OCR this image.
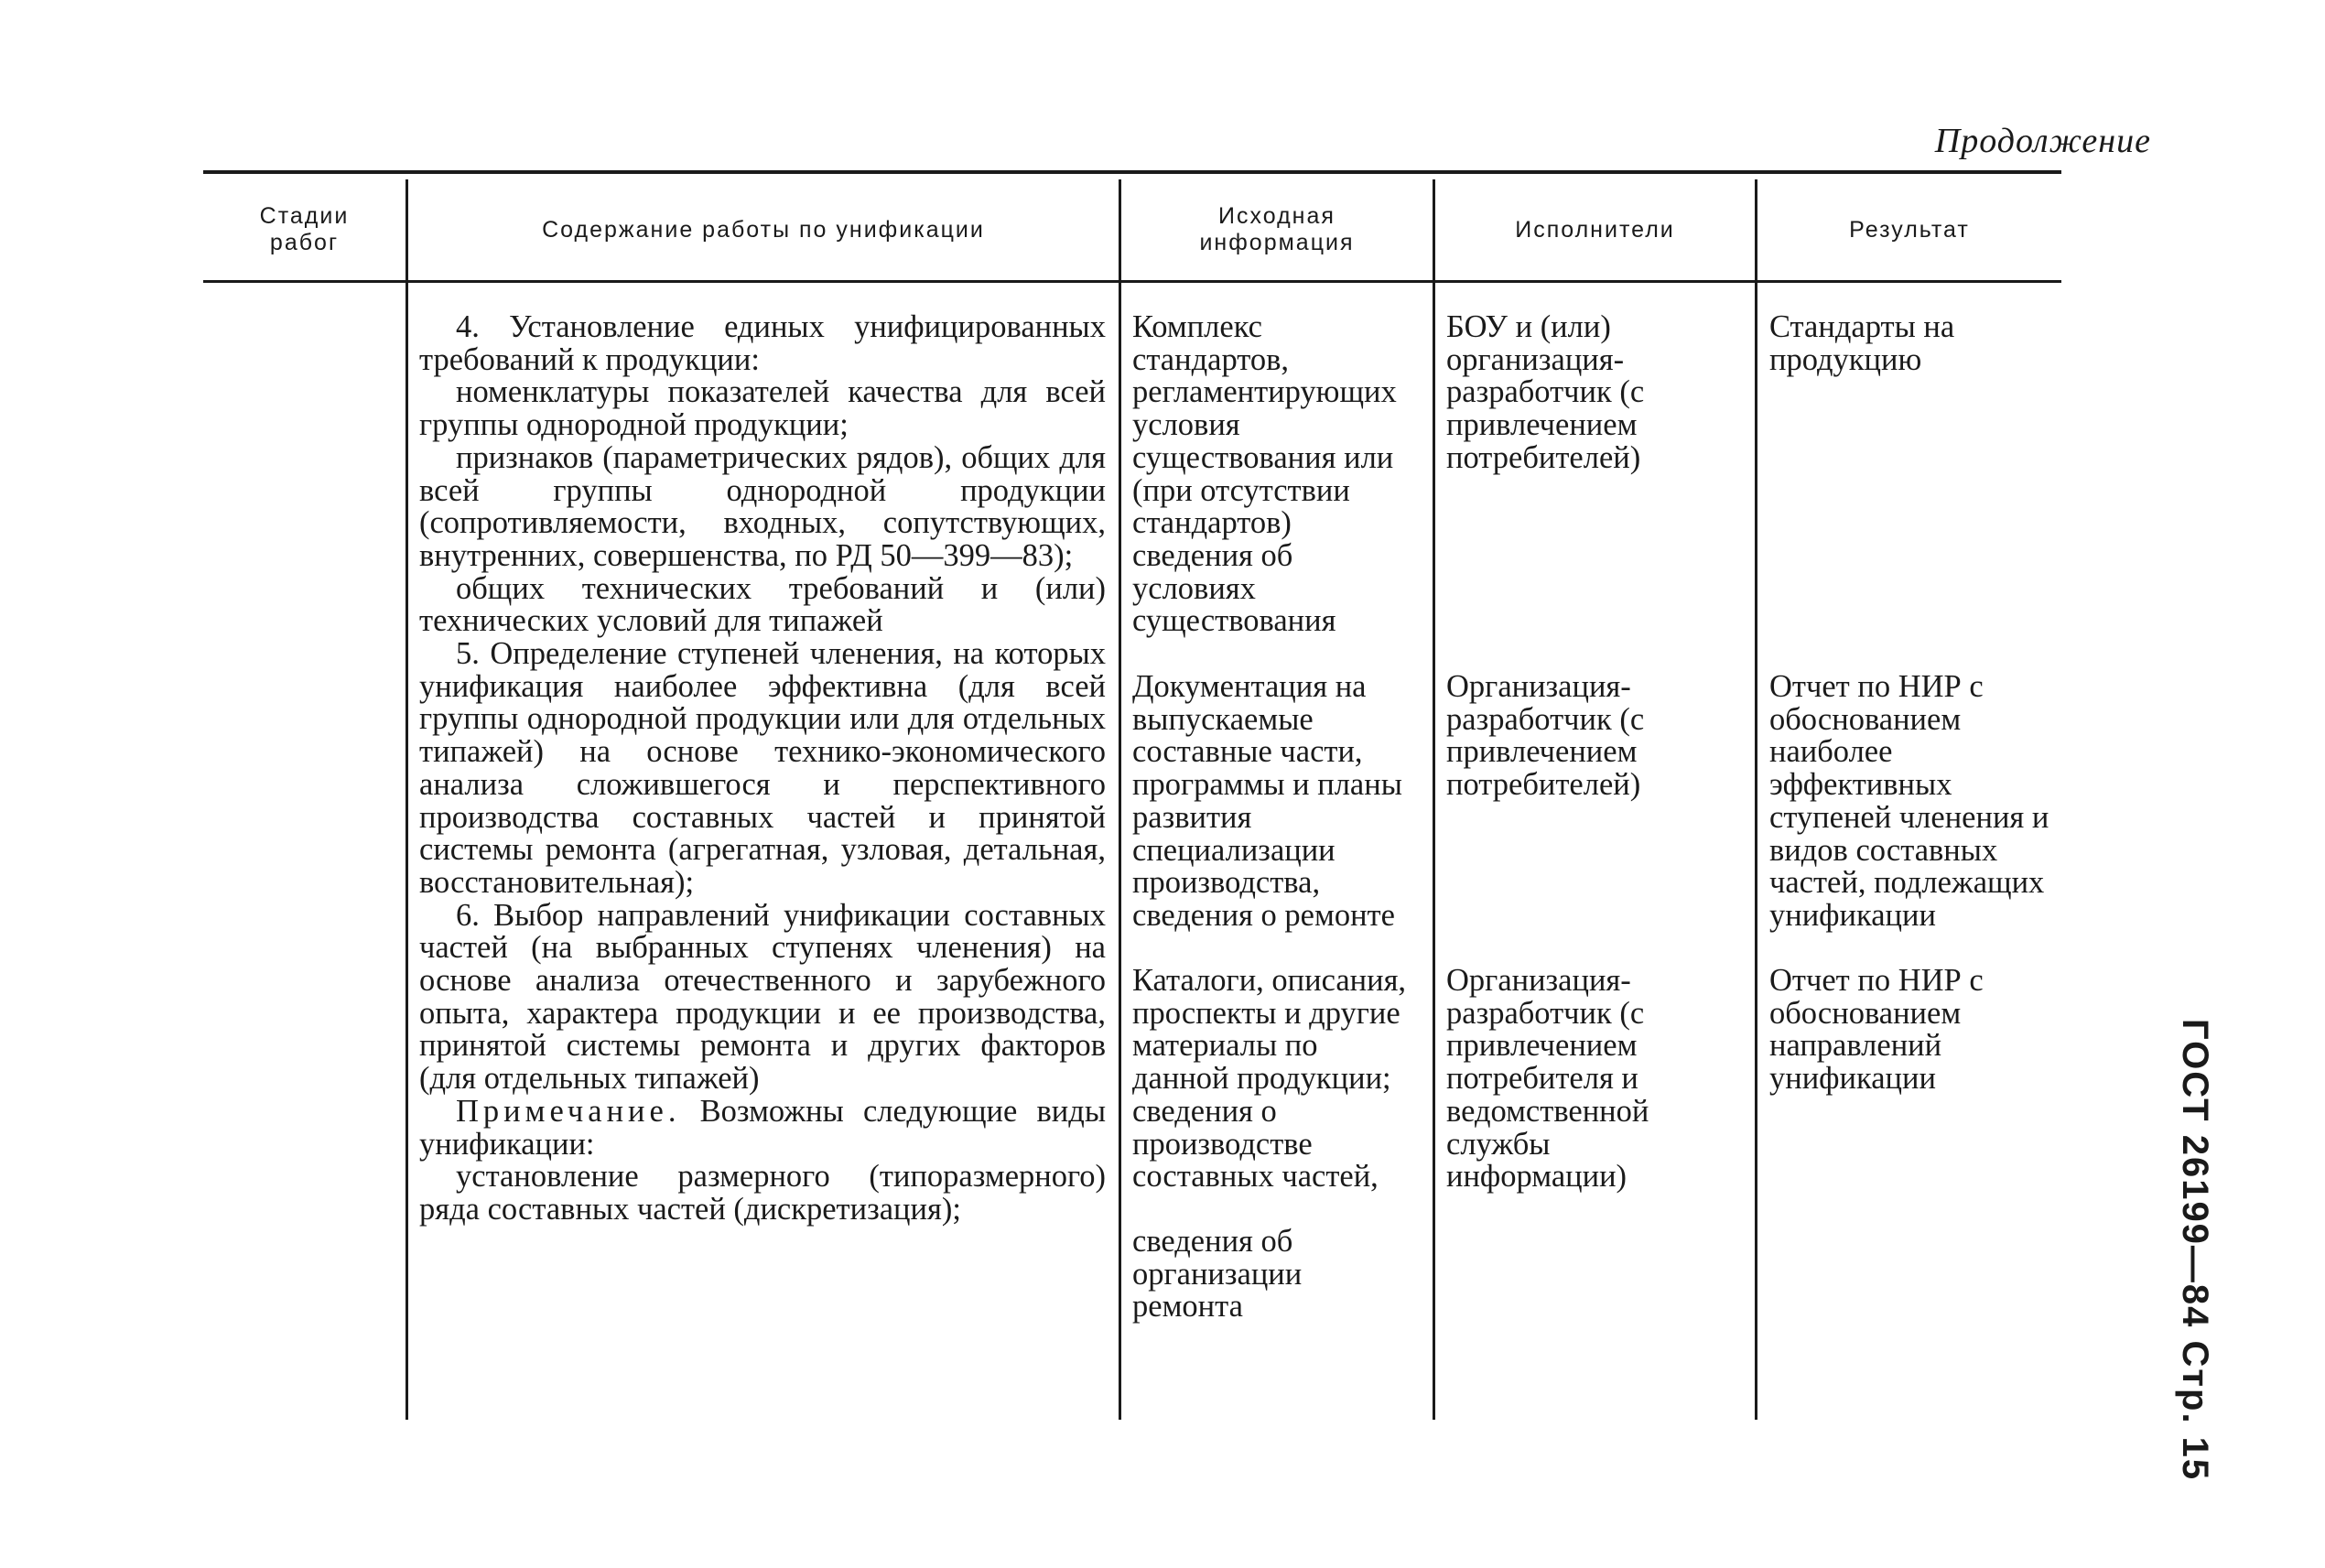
Продолжение
Стадии
рабог
Содержание работы по унификации
Исходная
информация
Исполнители	Результат

4. Установление единых унифицированных требований к продукции:

номенклатуры показателей качества для всей группы однородной продукции;

признаков (параметрических рядов), общих для всей группы однородной продукции (сопротивляемости, входных, сопутствующих, внутренних, совершенства, по РД 50—399—83);

общих технических требований и (или) технических условий для типажей

5. Определение ступеней членения, на которых унификация наиболее эффективна (для всей группы однородной продукции или для отдельных типажей) на основе технико-экономического анализа сложившегося и перспективного производства составных частей и принятой системы ремонта (агрегатная, узловая, детальная, восстановительная);

6. Выбор направлений унификации составных частей (на выбранных ступенях членения) на основе анализа отечественного и зарубежного опыта, характера продукции и ее производства, принятой системы ремонта и других факторов (для отдельных типажей)

Примечание. Возможны следующие виды унификации:

установление размерного (типоразмерного) ряда составных частей (дискретизация);

Комплекс стандартов, регламентирующих условия существования или (при отсутствии стандартов) сведения об условиях существования

Документация на выпускаемые составные части, программы и планы развития специализации производства, сведения о ремонте

Каталоги, описания, проспекты и другие материалы по данной продукции; сведения о производстве составных частей,

сведения об организации ремонта

БОУ и (или) организация-разработчик (с привлечением потребителей)

Организация-разработчик (с привлечением потребителей)

Организация-разработчик (с привлечением потребителя и ведомственной службы информации)

Стандарты на продукцию

Отчет по НИР с обоснованием наиболее эффективных ступеней членения и видов составных частей, подлежащих унификации

Отчет по НИР с обоснованием направлений унификации	ГОСТ 26199—84 Стр. 15
